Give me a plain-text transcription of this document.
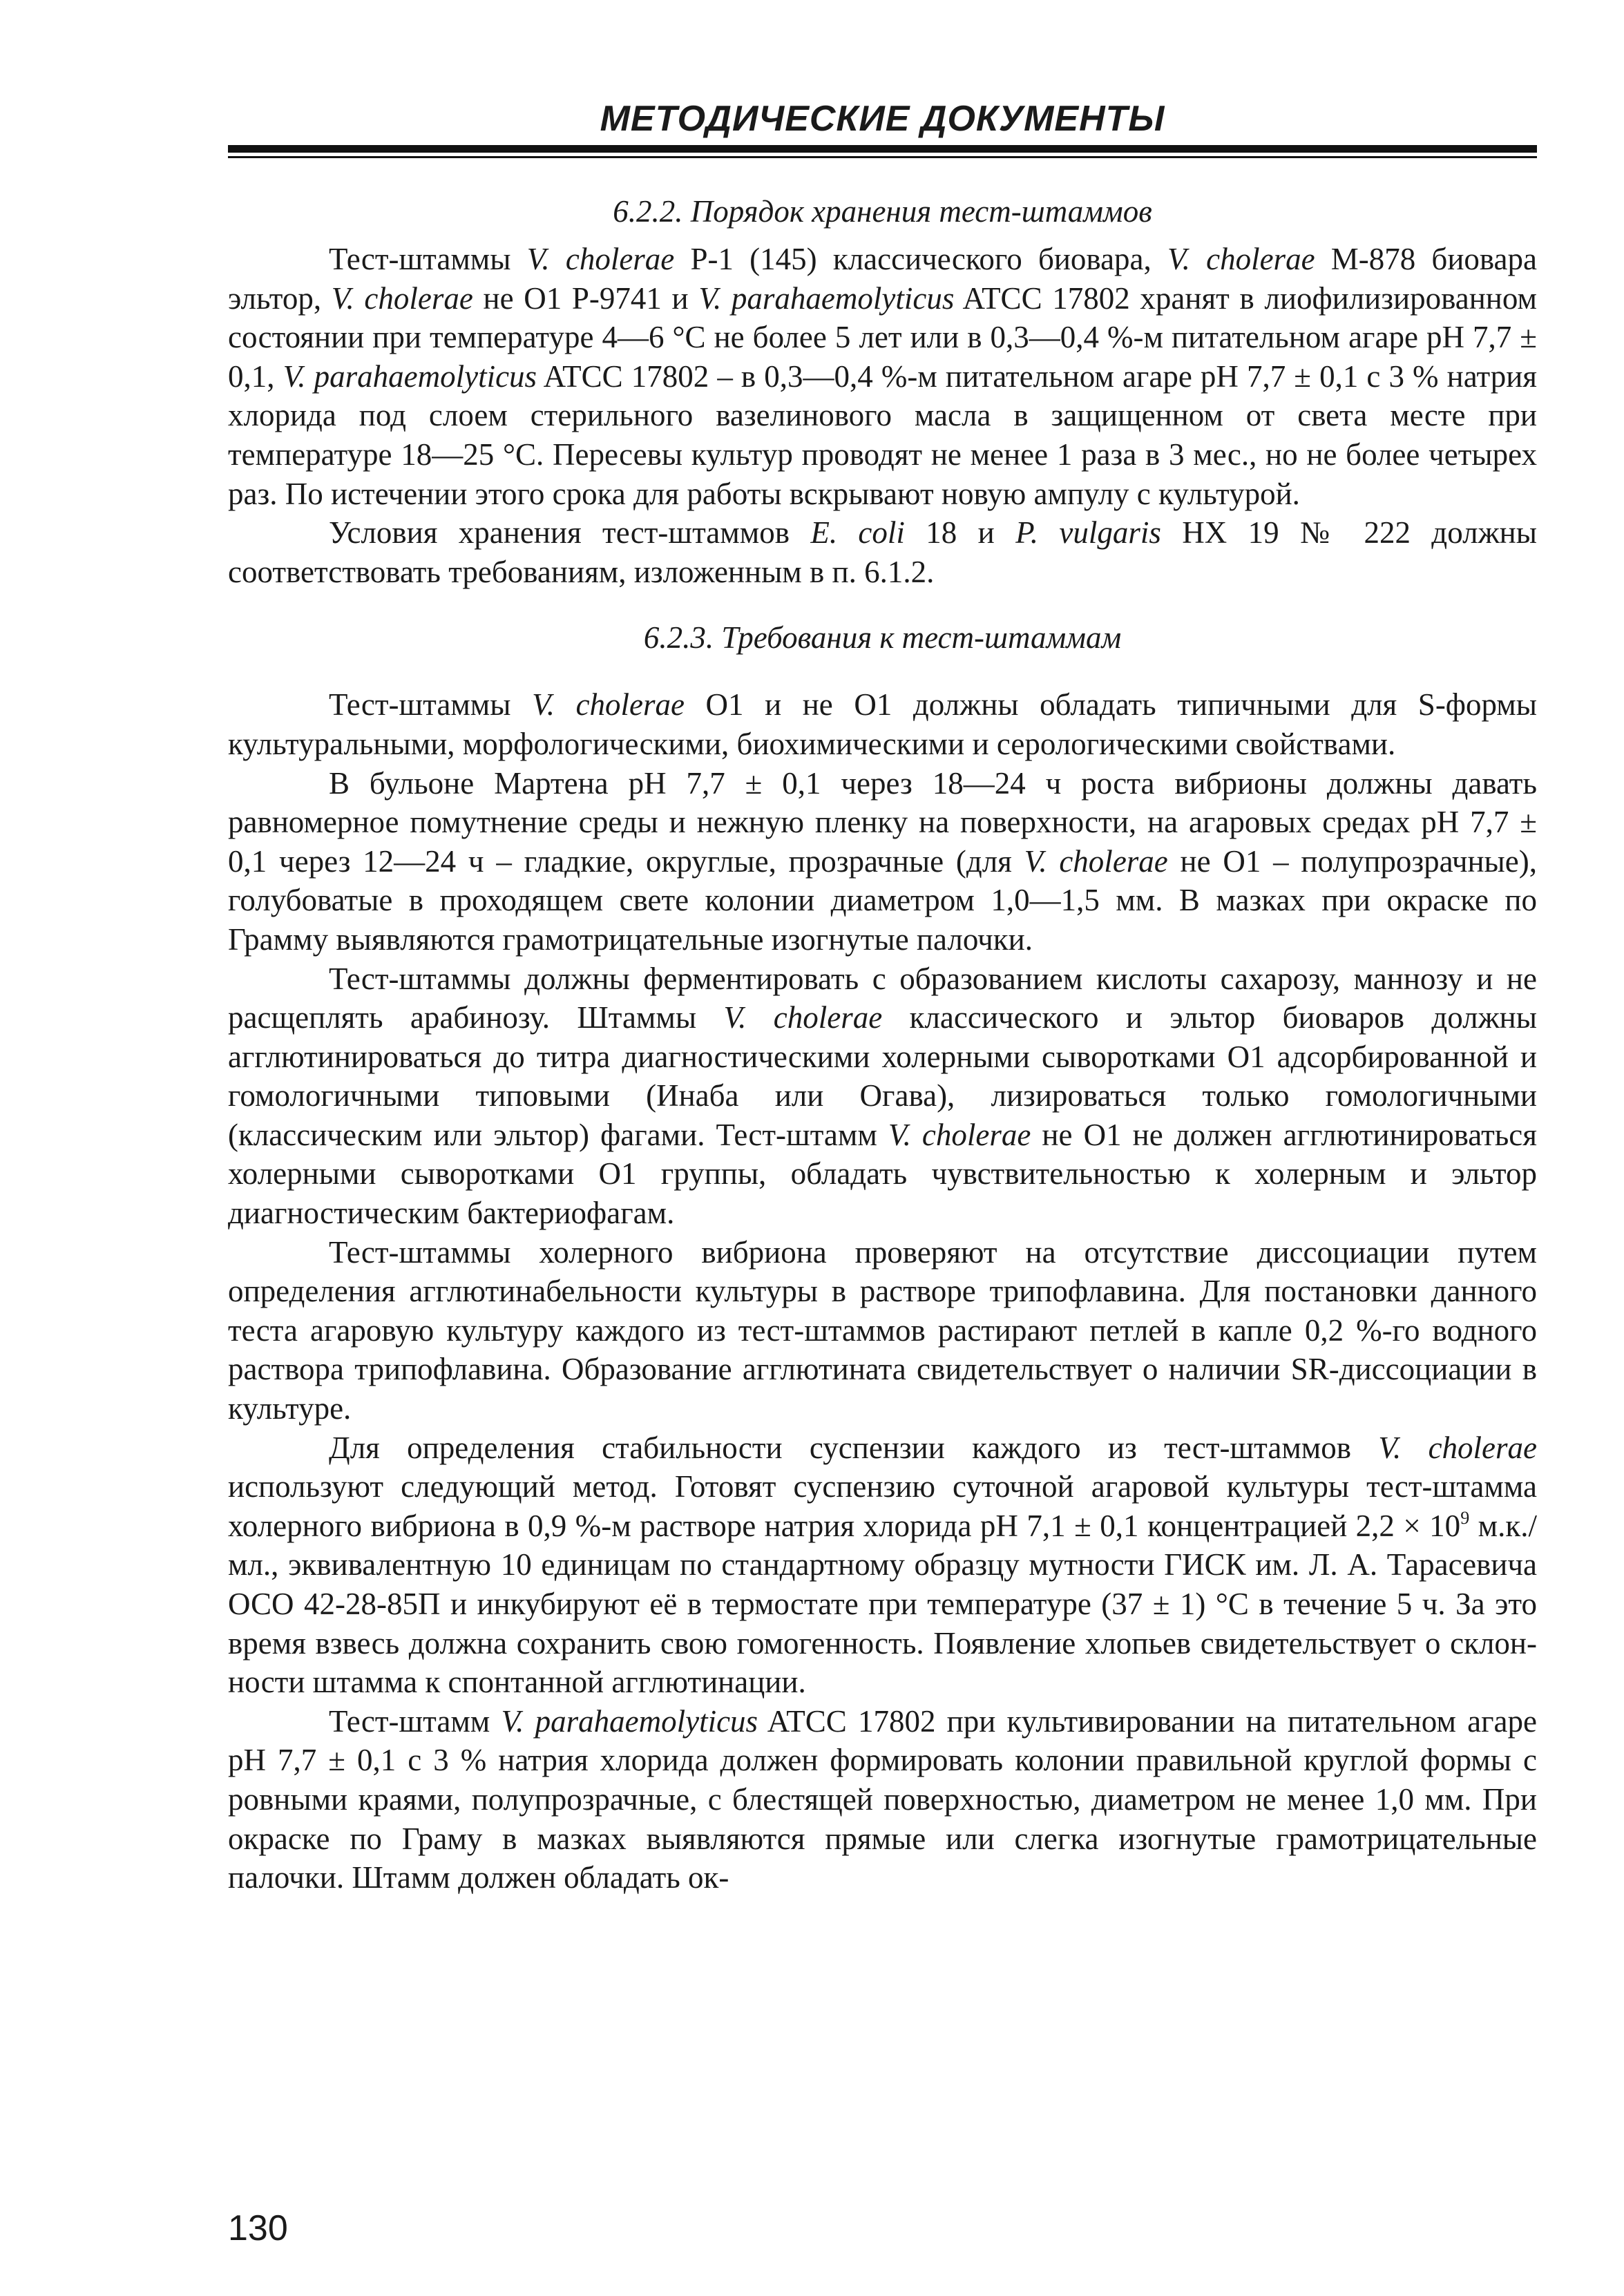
МЕТОДИЧЕСКИЕ ДОКУМЕНТЫ
6.2.2. Порядок хранения тест-штаммов

Тест-штаммы V. cholerae P-1 (145) классического биовара, V. cholerae M-878 биовара эльтор, V. cholerae не O1 P-9741 и V. parahaemolyticus ATCC 17802 хранят в лиофилизированном состоянии при температуре 4—6 °С не более 5 лет или в 0,3—0,4 %-м питательном агаре pH 7,7 ± 0,1, V. parahaemolyticus ATCC 17802 – в 0,3—0,4 %-м питательном агаре pH 7,7 ± 0,1 с 3 % натрия хлорида под слоем стерильного вазелинового масла в защищенном от света месте при температуре 18—25 °С. Пересевы культур проводят не менее 1 раза в 3 мес., но не более четырех раз. По истечении этого срока для работы вскрывают новую ампулу с культурой.

Условия хранения тест-штаммов E. coli 18 и P. vulgaris HX 19 № 222 должны соответствовать требованиям, изложенным в п. 6.1.2.

6.2.3. Требования к тест-штаммам

Тест-штаммы V. cholerae O1 и не O1 должны обладать типичными для S-формы культуральными, морфологическими, биохимическими и серологическими свойствами.

В бульоне Мартена pH 7,7 ± 0,1 через 18—24 ч роста вибрионы должны давать равномерное помутнение среды и нежную пленку на поверхности, на агаровых средах pH 7,7 ± 0,1 через 12—24 ч – гладкие, округлые, прозрачные (для V. cholerae не O1 – полупрозрачные), голубоватые в проходящем свете колонии диаметром 1,0—1,5 мм. В мазках при окраске по Грамму выявляются грамотрицательные изогнутые палочки.

Тест-штаммы должны ферментировать с образованием кислоты сахарозу, маннозу и не расщеплять арабинозу. Штаммы V. cholerae классического и эльтор биоваров должны агглютинироваться до титра диагностическими холерными сыворотками O1 адсорбированной и гомологичными типовыми (Инаба или Огава), лизироваться только гомологичными (классическим или эльтор) фагами. Тест-штамм V. cholerae не O1 не должен агглютинироваться холерными сыворотками O1 группы, обладать чувствительностью к холерным и эльтор диагностическим бактериофагам.

Тест-штаммы холерного вибриона проверяют на отсутствие диссоциации путем определения агглютинабельности культуры в растворе трипофлавина. Для постановки данного теста агаровую культуру каждого из тест-штаммов растирают петлей в капле 0,2 %-го водного раствора трипофлавина. Образование агглютината свидетельствует о наличии SR-диссоциации в культуре.

Для определения стабильности суспензии каждого из тест-штаммов V. cholerae используют следующий метод. Готовят суспензию суточной агаровой культуры тест-штамма холерного вибриона в 0,9 %-м растворе натрия хлорида pH 7,1 ± 0,1 концентрацией $2,2 \times 10^9$ м.к./мл., эквивалентную 10 единицам по стандартному образцу мутности ГИСК им. Л. А. Тарасевича ОСО 42-28-85П и инкубируют её в термостате при температуре (37 ± 1) °С в течение 5 ч. За это время взвесь должна сохранить свою гомогенность. Появление хлопьев свидетельствует о склонности штамма к спонтанной агглютинации.

Тест-штамм V. parahaemolyticus ATCC 17802 при культивировании на питательном агаре pH 7,7 ± 0,1 с 3 % натрия хлорида должен формировать колонии правильной круглой формы с ровными краями, полупрозрачные, с блестящей поверхностью, диаметром не менее 1,0 мм. При окраске по Граму в мазках выявляются прямые или слегка изогнутые грамотрицательные палочки. Штамм должен обладать ок-

130
